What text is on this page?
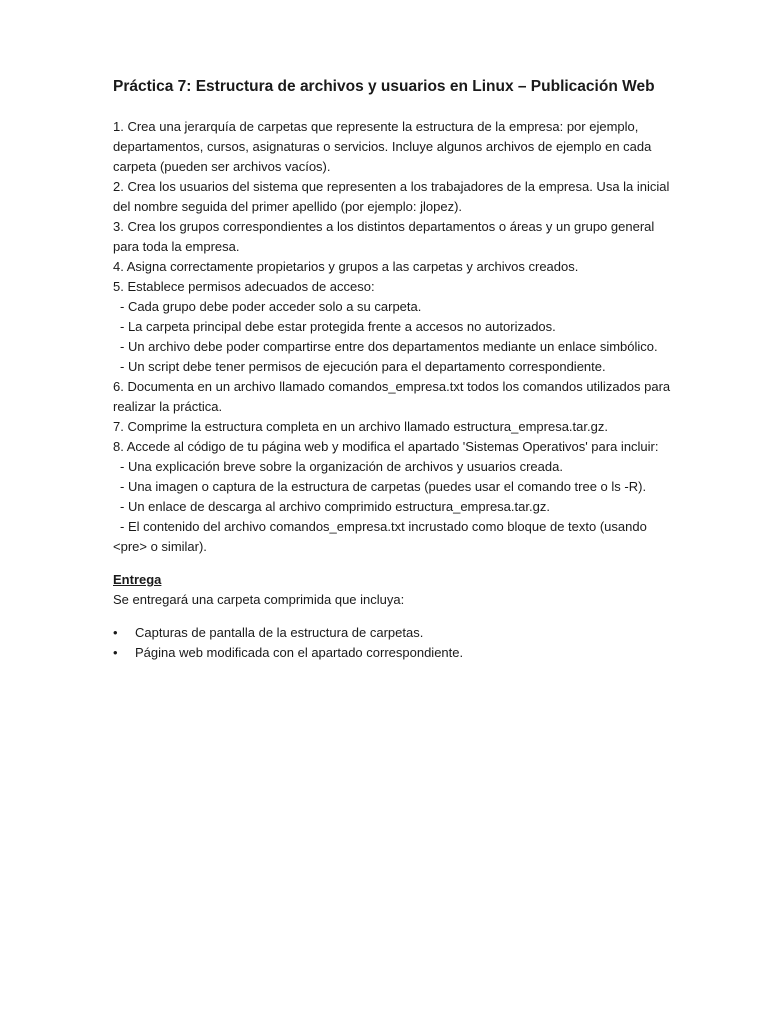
Práctica 7: Estructura de archivos y usuarios en Linux – Publicación Web
1. Crea una jerarquía de carpetas que represente la estructura de la empresa: por ejemplo,
departamentos, cursos, asignaturas o servicios. Incluye algunos archivos de ejemplo en cada
carpeta (pueden ser archivos vacíos).
2. Crea los usuarios del sistema que representen a los trabajadores de la empresa. Usa la inicial
del nombre seguida del primer apellido (por ejemplo: jlopez).
3. Crea los grupos correspondientes a los distintos departamentos o áreas y un grupo general
para toda la empresa.
4. Asigna correctamente propietarios y grupos a las carpetas y archivos creados.
5. Establece permisos adecuados de acceso:
- Cada grupo debe poder acceder solo a su carpeta.
- La carpeta principal debe estar protegida frente a accesos no autorizados.
- Un archivo debe poder compartirse entre dos departamentos mediante un enlace simbólico.
- Un script debe tener permisos de ejecución para el departamento correspondiente.
6. Documenta en un archivo llamado comandos_empresa.txt todos los comandos utilizados para
realizar la práctica.
7. Comprime la estructura completa en un archivo llamado estructura_empresa.tar.gz.
8. Accede al código de tu página web y modifica el apartado 'Sistemas Operativos' para incluir:
- Una explicación breve sobre la organización de archivos y usuarios creada.
- Una imagen o captura de la estructura de carpetas (puedes usar el comando tree o ls -R).
- Un enlace de descarga al archivo comprimido estructura_empresa.tar.gz.
- El contenido del archivo comandos_empresa.txt incrustado como bloque de texto (usando
<pre> o similar).
Entrega
Se entregará una carpeta comprimida que incluya:
•	Capturas de pantalla de la estructura de carpetas.
•	Página web modificada con el apartado correspondiente.
